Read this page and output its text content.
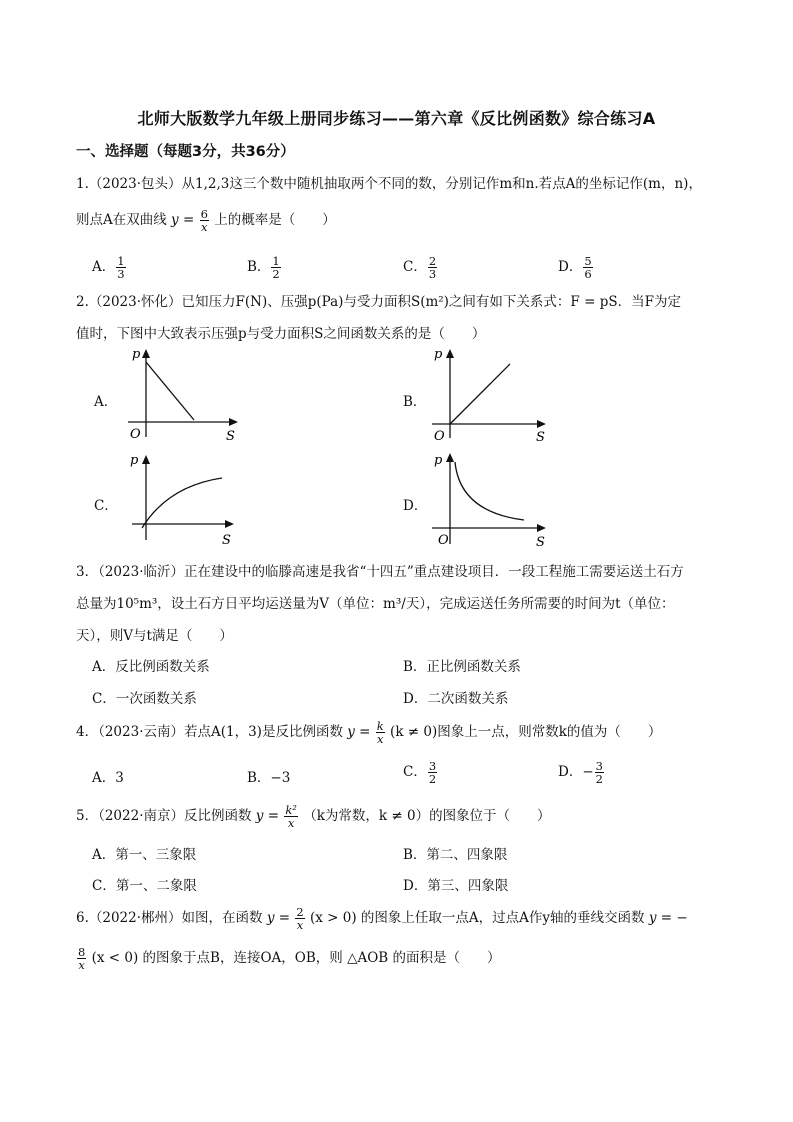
北师大版数学九年级上册同步练习——第六章《反比例函数》综合练习A
一、选择题（每题3分，共36分）
1.（2023·包头）从1,2,3这三个数中随机抽取两个不同的数，分别记作m和n.若点A的坐标记作(m，n)，
则点A在双曲线 $y = \frac{6}{x}$ 上的概率是（　　）
A． $\frac{1}{3}$	B． $\frac{1}{2}$	C． $\frac{2}{3}$	D． $\frac{5}{6}$
2.（2023·怀化）已知压力F(N)、压强p(Pa)与受力面积S(m²)之间有如下关系式：F = pS．当F为定
值时，下图中大致表示压强p与受力面积S之间函数关系的是（　　）
A．
p
S
O
B．
p
S
O
C．
p
S
D．
p
S
O
3．（2023·临沂）正在建设中的临滕高速是我省“十四五”重点建设项目．一段工程施工需要运送土石方
总量为10⁵m³，设土石方日平均运送量为V（单位：m³/天），完成运送任务所需要的时间为t（单位：
天），则V与t满足（　　）
A．反比例函数关系	B．正比例函数关系
C．一次函数关系	D．二次函数关系
4．（2023·云南）若点A(1，3)是反比例函数 $y = \frac{k}{x} (k \ne 0)$图象上一点，则常数k的值为（　　）
A．3	B．−3	C． $\frac{3}{2}$	D．− $\frac{3}{2}$
5．（2022·南京）反比例函数 $y = \frac{\text{k²}}{x} (k$为常数，k ≠ 0）的图象位于（　　）
A．第一、三象限	B．第二、四象限
C．第一、二象限	D．第三、四象限
6.（2022·郴州）如图，在函数 $y = \frac{2}{x} (x > 0)$ 的图象上任取一点A，过点A作y轴的垂线交函数 y = −
$\frac{8}{x} (x < 0)$ 的图象于点B，连接OA，OB，则 △AOB 的面积是（　　）
